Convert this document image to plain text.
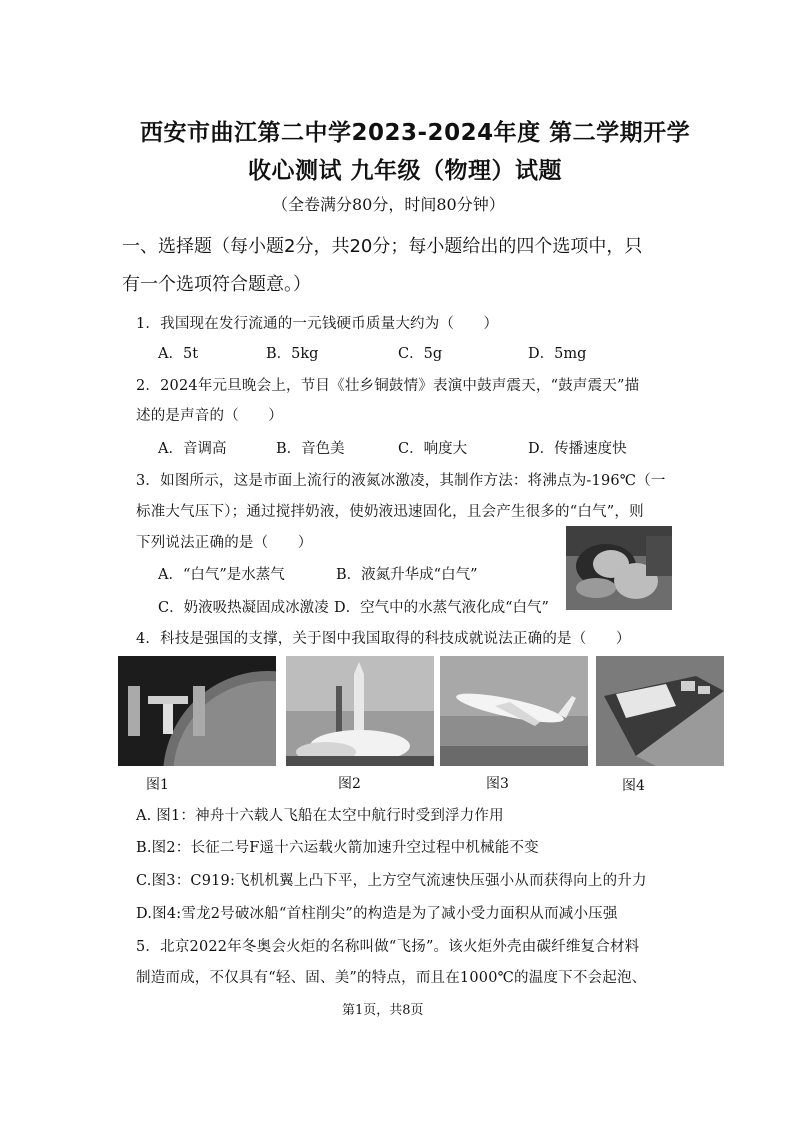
西安市曲江第二中学2023-2024年度 第二学期开学
收心测试 九年级（物理）试题
（全卷满分80分，时间80分钟）
一、选择题（每小题2分，共20分；每小题给出的四个选项中，只
有一个选项符合题意。）
1．我国现在发行流通的一元钱硬币质量大约为（　　）
A．5t	B．5kg	C．5g	D．5mg
2．2024年元旦晚会上，节目《壮乡铜鼓情》表演中鼓声震天，“鼓声震天”描
述的是声音的（　　）
A．音调高	B．音色美	C．响度大	D．传播速度快
3．如图所示，这是市面上流行的液氮冰激凌，其制作方法：将沸点为-196℃（一
标准大气压下）；通过搅拌奶液，使奶液迅速固化，且会产生很多的“白气”，则
下列说法正确的是（　　）
A．“白气”是水蒸气	B．液氮升华成“白气”
C．奶液吸热凝固成冰激凌 D．空气中的水蒸气液化成“白气”
4．科技是强国的支撑，关于图中我国取得的科技成就说法正确的是（　　）
图1	图2	图3	图4
A. 图1：神舟十六载人飞船在太空中航行时受到浮力作用
B.图2：长征二号F遥十六运载火箭加速升空过程中机械能不变
C.图3：C919:飞机机翼上凸下平，上方空气流速快压强小从而获得向上的升力
D.图4:雪龙2号破冰船“首柱削尖”的构造是为了减小受力面积从而减小压强
5．北京2022年冬奥会火炬的名称叫做“飞扬”。该火炬外壳由碳纤维复合材料
制造而成，不仅具有“轻、固、美”的特点，而且在1000℃的温度下不会起泡、
第1页，共8页
